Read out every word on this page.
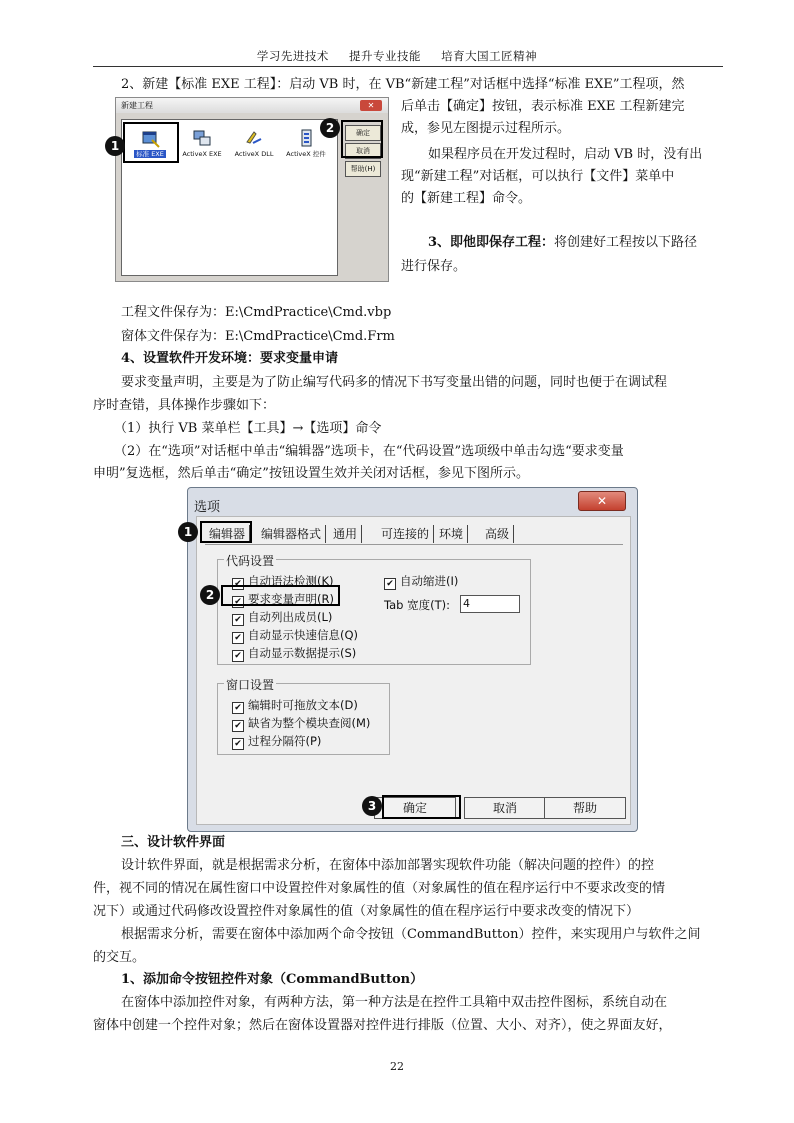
学习先进技术 提升专业技能 培育大国工匠精神
2、新建【标准 EXE 工程】：启动 VB 时，在 VB“新建工程”对话框中选择“标准 EXE”工程项，然
后单击【确定】按钮，表示标准 EXE 工程新建完
成，参见左图提示过程所示。
如果程序员在开发过程时，启动 VB 时，没有出
现“新建工程”对话框，可以执行【文件】菜单中
的【新建工程】命令。
3、即他即保存工程：将创建好工程按以下路径
进行保存。
新建工程	✕
标准 EXE	ActiveX EXE	ActiveX DLL	ActiveX 控件
确定
取消
帮助(H)
1
2
工程文件保存为：E:\CmdPractice\Cmd.vbp
窗体文件保存为：E:\CmdPractice\Cmd.Frm
4、设置软件开发环境：要求变量申请
要求变量声明，主要是为了防止编写代码多的情况下书写变量出错的问题，同时也便于在调试程
序时查错，具体操作步骤如下：
（1）执行 VB 菜单栏【工具】→【选项】命令
（2）在“选项”对话框中单击“编辑器”选项卡，在“代码设置”选项级中单击勾选“要求变量
申明”复选框，然后单击“确定”按钮设置生效并关闭对话框，参见下图所示。
选项	✕
编辑器	编辑器格式 通用	可连接的 环境	高级
代码设置
✔ 自动语法检测(K)
✔ 要求变量声明(R)
✔ 自动列出成员(L)
✔ 自动显示快速信息(Q)
✔ 自动显示数据提示(S)
✔ 自动缩进(I)
Tab 宽度(T): 4
窗口设置
✔ 编辑时可拖放文本(D)
✔ 缺省为整个模块查阅(M)
✔ 过程分隔符(P)
确定	取消	帮助
1
2
3
三、设计软件界面
设计软件界面，就是根据需求分析，在窗体中添加部署实现软件功能（解决问题的控件）的控
件，视不同的情况在属性窗口中设置控件对象属性的值（对象属性的值在程序运行中不要求改变的情
况下）或通过代码修改设置控件对象属性的值（对象属性的值在程序运行中要求改变的情况下）
根据需求分析，需要在窗体中添加两个命令按钮（CommandButton）控件，来实现用户与软件之间
的交互。
1、添加命令按钮控件对象（CommandButton）
在窗体中添加控件对象，有两种方法，第一种方法是在控件工具箱中双击控件图标，系统自动在
窗体中创建一个控件对象；然后在窗体设置器对控件进行排版（位置、大小、对齐），使之界面友好，
22
